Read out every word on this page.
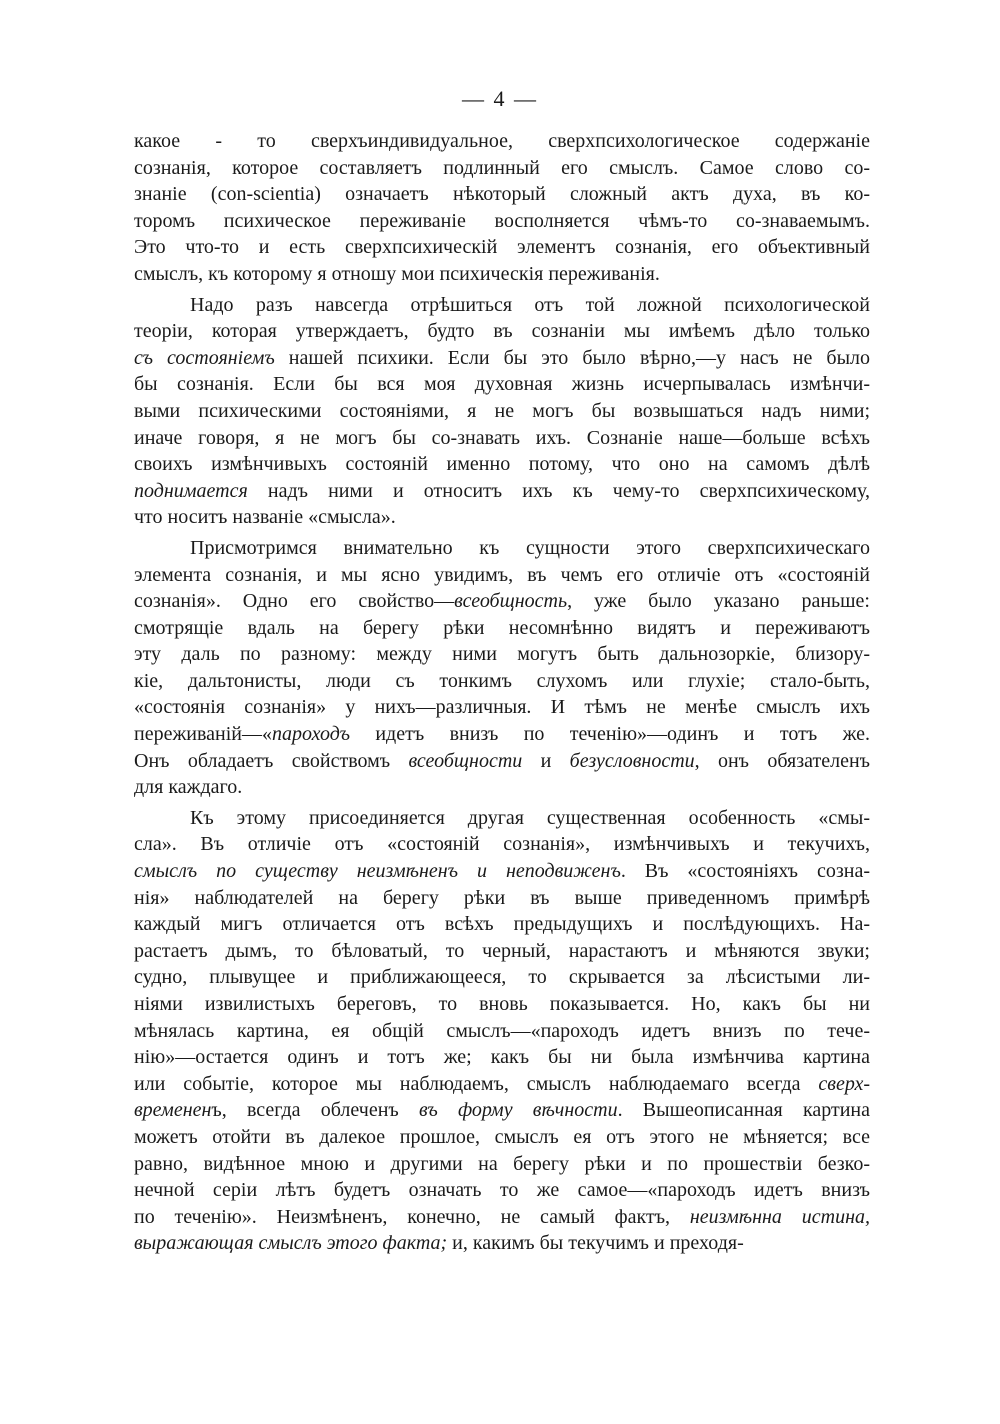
— 4 —
какое - то сверхъиндивидуальное, сверхпсихологическое содержаніе
сознанія, которое составляетъ подлинный его смыслъ. Самое слово со-
знаніе (con-scientia) означаетъ нѣкоторый сложный актъ духа, въ ко-
торомъ психическое переживаніе восполняется чѣмъ-то со-знаваемымъ.
Это что-то и есть сверхпсихическій элементъ сознанія, его объективный
смыслъ, къ которому я отношу мои психическія переживанія.
Надо разъ навсегда отрѣшиться отъ той ложной психологической
теоріи, которая утверждаетъ, будто въ сознаніи мы имѣемъ дѣло только
съ состояніемъ нашей психики. Если бы это было вѣрно,—у насъ не было
бы сознанія. Если бы вся моя духовная жизнь исчерпывалась измѣнчи-
выми психическими состояніями, я не могъ бы возвышаться надъ ними;
иначе говоря, я не могъ бы со-знавать ихъ. Сознаніе наше—больше всѣхъ
своихъ измѣнчивыхъ состояній именно потому, что оно на самомъ дѣлѣ
поднимается надъ ними и относитъ ихъ къ чему-то сверхпсихическому,
что носитъ названіе «смысла».
Присмотримся внимательно къ сущности этого сверхпсихическаго
элемента сознанія, и мы ясно увидимъ, въ чемъ его отличіе отъ «состояній
сознанія». Одно его свойство—всеобщность, уже было указано раньше:
смотрящіе вдаль на берегу рѣки несомнѣнно видятъ и переживаютъ
эту даль по разному: между ними могутъ быть дальнозоркіе, близору-
кіе, дальтонисты, люди съ тонкимъ слухомъ или глухіе; стало-быть,
«состоянія сознанія» у нихъ—различныя. И тѣмъ не менѣе смыслъ ихъ
переживаній—«пароходъ идетъ внизъ по теченію»—одинъ и тотъ же.
Онъ обладаетъ свойствомъ всеобщности и безусловности, онъ обязателенъ
для каждаго.
Къ этому присоединяется другая существенная особенность «смы-
сла». Въ отличіе отъ «состояній сознанія», измѣнчивыхъ и текучихъ,
смыслъ по существу неизмѣненъ и неподвиженъ. Въ «состояніяхъ созна-
нія» наблюдателей на берегу рѣки въ выше приведенномъ примѣрѣ
каждый мигъ отличается отъ всѣхъ предыдущихъ и послѣдующихъ. На-
растаетъ дымъ, то бѣловатый, то черный, нарастаютъ и мѣняются звуки;
судно, плывущее и приближающееся, то скрывается за лѣсистыми ли-
ніями извилистыхъ береговъ, то вновь показывается. Но, какъ бы ни
мѣнялась картина, ея общій смыслъ—«пароходъ идетъ внизъ по тече-
нію»—остается одинъ и тотъ же; какъ бы ни была измѣнчива картина
или событіе, которое мы наблюдаемъ, смыслъ наблюдаемаго всегда сверх-
времененъ, всегда облеченъ въ форму вѣчности. Вышеописанная картина
можетъ отойти въ далекое прошлое, смыслъ ея отъ этого не мѣняется; все
равно, видѣнное мною и другими на берегу рѣки и по прошествіи безко-
нечной серіи лѣтъ будетъ означать то же самое—«пароходъ идетъ внизъ
по теченію». Неизмѣненъ, конечно, не самый фактъ, неизмѣнна истина,
выражающая смыслъ этого факта; и, какимъ бы текучимъ и преходя-
